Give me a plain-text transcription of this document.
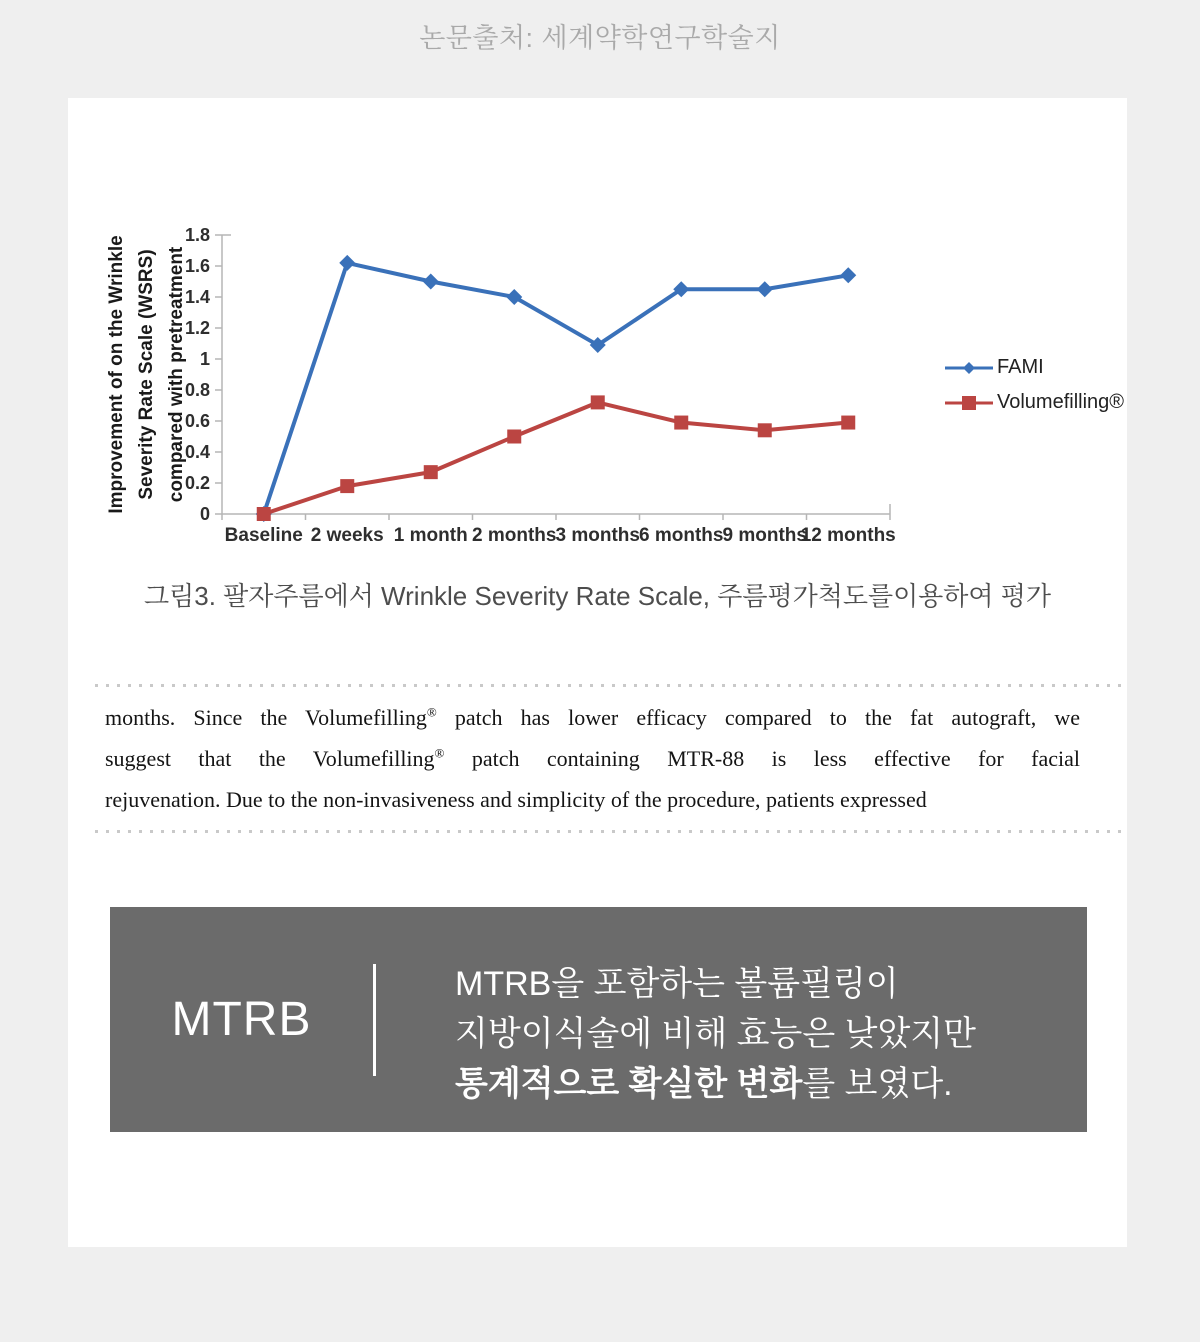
논문출처: 세계약학연구학술지
0
0.2
0.4
0.6
0.8
1
1.2
1.4
1.6
1.8
Baseline 2 weeks 1 month 2 months 3 months 6 months 9 months
12 months
Improvement of on the Wrinkle Severity Rate Scale (WSRS) compared with pretreatment	FAMI
Volumefilling®
그림3. 팔자주름에서 Wrinkle Severity Rate Scale, 주름평가척도를이용하여 평가
months. Since the Volumefilling® patch has lower efficacy compared to the fat autograft, we
suggest that the Volumefilling® patch containing MTR-88 is less effective for facial
rejuvenation. Due to the non-invasiveness and simplicity of the procedure, patients expressed
MTRB
MTRB을 포함하는 볼륨필링이
지방이식술에 비해 효능은 낮았지만
통계적으로 확실한 변화를 보였다.
